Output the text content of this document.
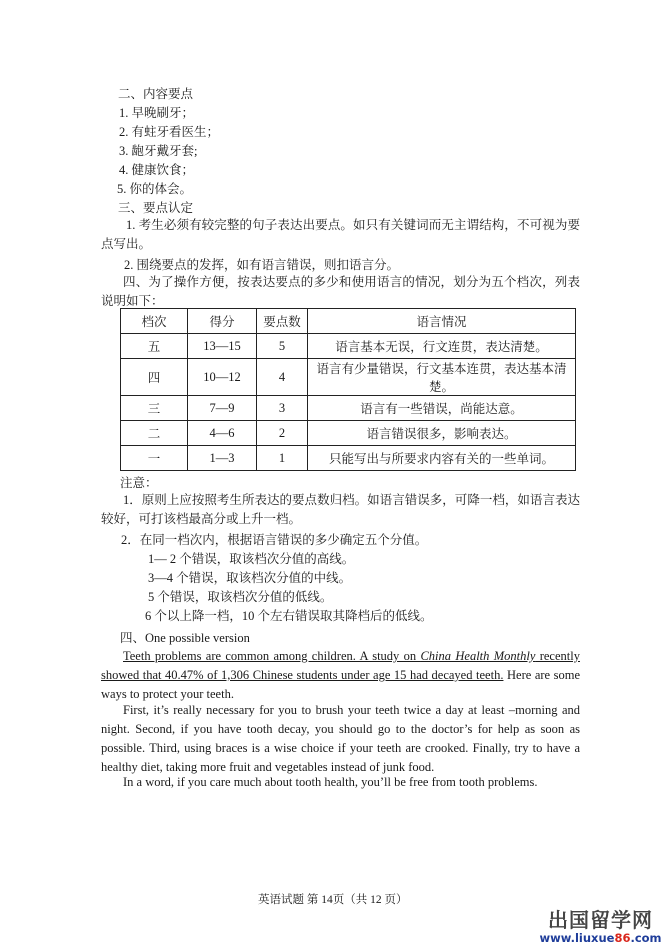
二、内容要点
1. 早晚刷牙；
2. 有蛀牙看医生；
3. 龅牙戴牙套;
4. 健康饮食；
5. 你的体会。
三、要点认定
1. 考生必须有较完整的句子表达出要点。如只有关键词而无主谓结构，不可视为要点写出。
2. 围绕要点的发挥，如有语言错误，则扣语言分。
四、为了操作方便，按表达要点的多少和使用语言的情况，划分为五个档次，列表说明如下：
档次	得分	要点数	语言情况
五	13—15	5	语言基本无误，行文连贯，表达清楚。
四	10—12	4	语言有少量错误，行文基本连贯，表达基本清楚。
三	7—9	3	语言有一些错误，尚能达意。
二	4—6	2	语言错误很多，影响表达。
一	1—3	1	只能写出与所要求内容有关的一些单词。
注意：
1．原则上应按照考生所表达的要点数归档。如语言错误多，可降一档，如语言表达较好，可打该档最高分或上升一档。
2．在同一档次内，根据语言错误的多少确定五个分值。
1— 2 个错误，取该档次分值的高线。
3—4 个错误，取该档次分值的中线。
5 个错误，取该档次分值的低线。
6 个以上降一档，10 个左右错误取其降档后的低线。
四、One possible version
Teeth problems are common among children. A study on China Health Monthly recently showed that 40.47% of 1,306 Chinese students under age 15 had decayed teeth. Here are some ways to protect your teeth.
First, it’s really necessary for you to brush your teeth twice a day at least –morning and night. Second, if you have tooth decay, you should go to the doctor’s for help as soon as possible. Third, using braces is a wise choice if your teeth are crooked. Finally, try to have a healthy diet, taking more fruit and vegetables instead of junk food.
In a word, if you care much about tooth health, you’ll be free from tooth problems.
英语试题 第 14页（共 12 页）
出国留学网
www.liuxue86.com
